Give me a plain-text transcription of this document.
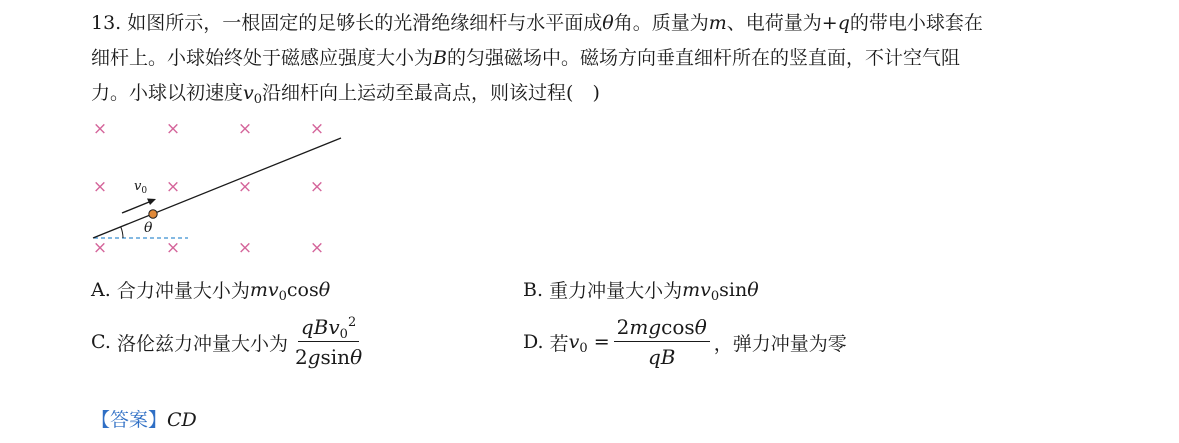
13. 如图所示，一根固定的足够长的光滑绝缘细杆与水平面成θ角。质量为m、电荷量为+q的带电小球套在

细杆上。小球始终处于磁感应强度大小为B的匀强磁场中。磁场方向垂直细杆所在的竖直面，不计空气阻

力。小球以初速度$v_0$沿细杆向上运动至最高点，则该过程(　)

×	×	×	×
×	×	×	×
×	×	×	×
θ
$v_0$
A.
合力冲量大小为 $mv_0\cos\theta$	B.
重力冲量大小为 $mv_0\sin\theta$
C.
洛伦兹力冲量大小为 $\frac{qBv_0^2}{2gsin\theta}$	D.
若 $v_0 = \frac{2mgcos\theta}{qB}$ ，弹力冲量为零
【答案】CD
